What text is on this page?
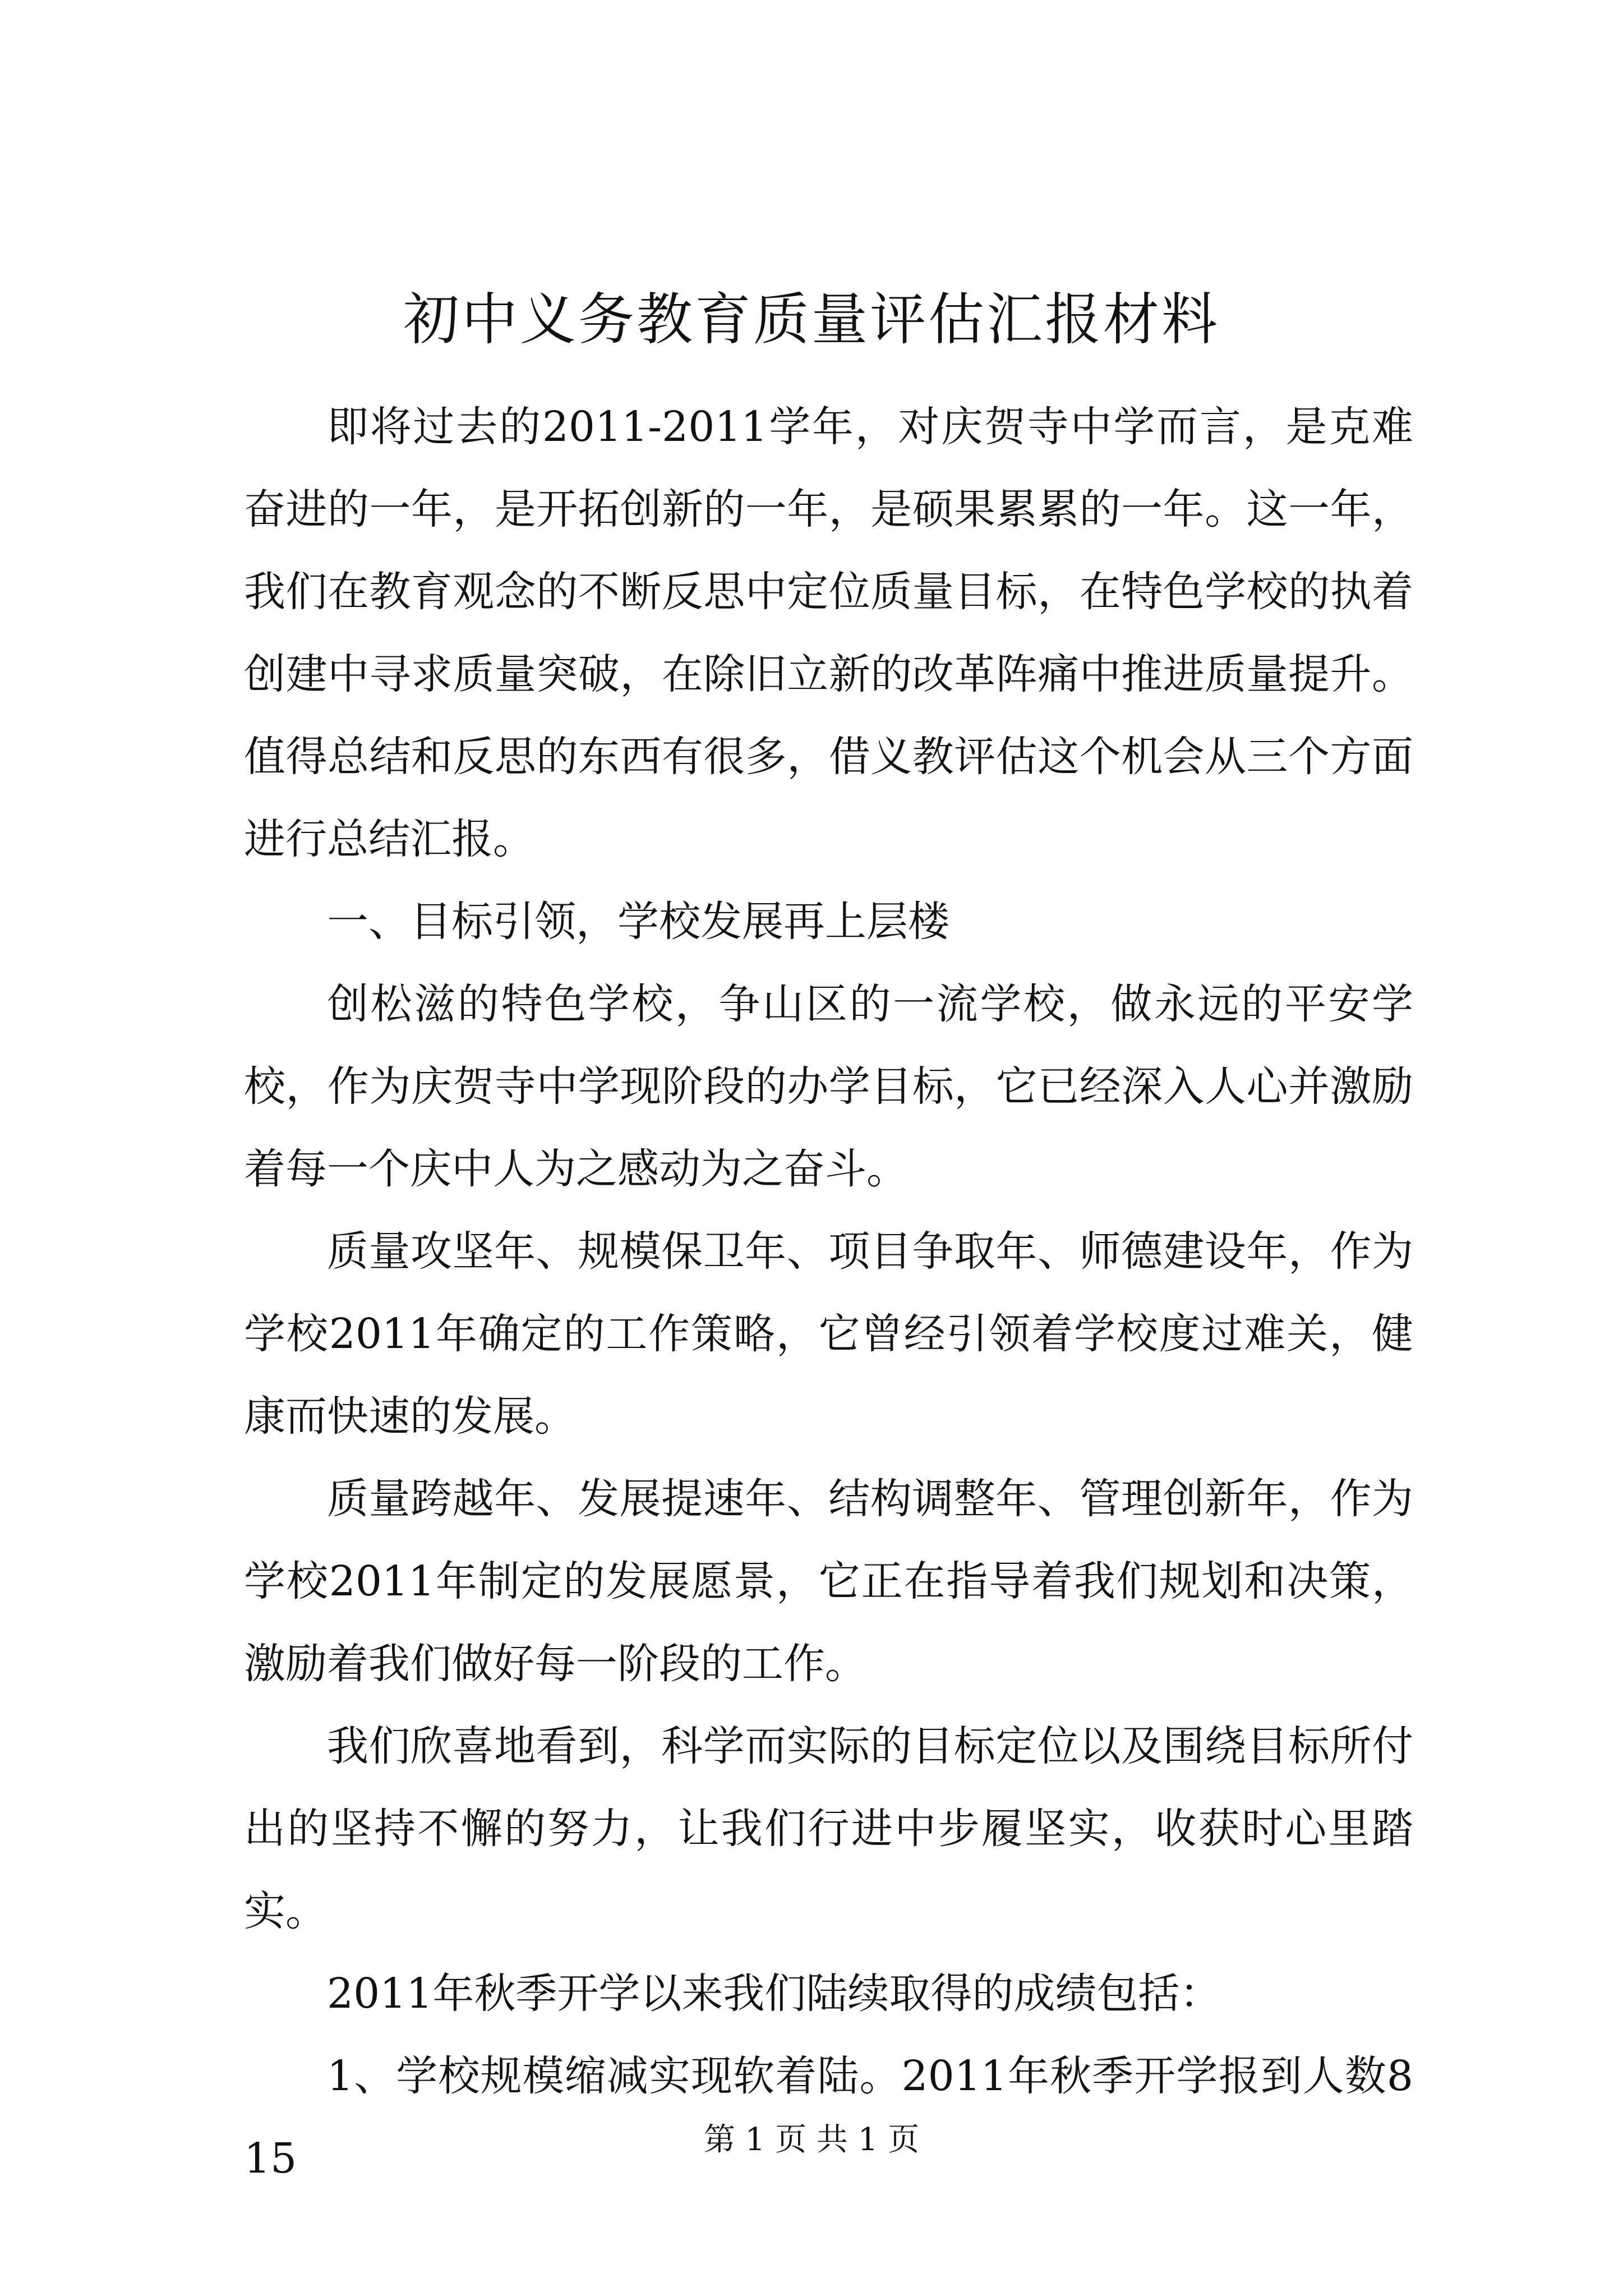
初中义务教育质量评估汇报材料

即将过去的2011-2011学年，对庆贺寺中学而言，是克难奋进的一年，是开拓创新的一年，是硕果累累的一年。这一年，我们在教育观念的不断反思中定位质量目标，在特色学校的执着创建中寻求质量突破，在除旧立新的改革阵痛中推进质量提升。值得总结和反思的东西有很多，借义教评估这个机会从三个方面进行总结汇报。

一、目标引领，学校发展再上层楼

创松滋的特色学校，争山区的一流学校，做永远的平安学校，作为庆贺寺中学现阶段的办学目标，它已经深入人心并激励着每一个庆中人为之感动为之奋斗。

质量攻坚年、规模保卫年、项目争取年、师德建设年，作为学校2011年确定的工作策略，它曾经引领着学校度过难关，健康而快速的发展。

质量跨越年、发展提速年、结构调整年、管理创新年，作为学校2011年制定的发展愿景，它正在指导着我们规划和决策，激励着我们做好每一阶段的工作。

我们欣喜地看到，科学而实际的目标定位以及围绕目标所付出的坚持不懈的努力，让我们行进中步履坚实，收获时心里踏实。

2011年秋季开学以来我们陆续取得的成绩包括：

1、学校规模缩减实现软着陆。2011年秋季开学报到人数815	第 1 页 共 1 页
